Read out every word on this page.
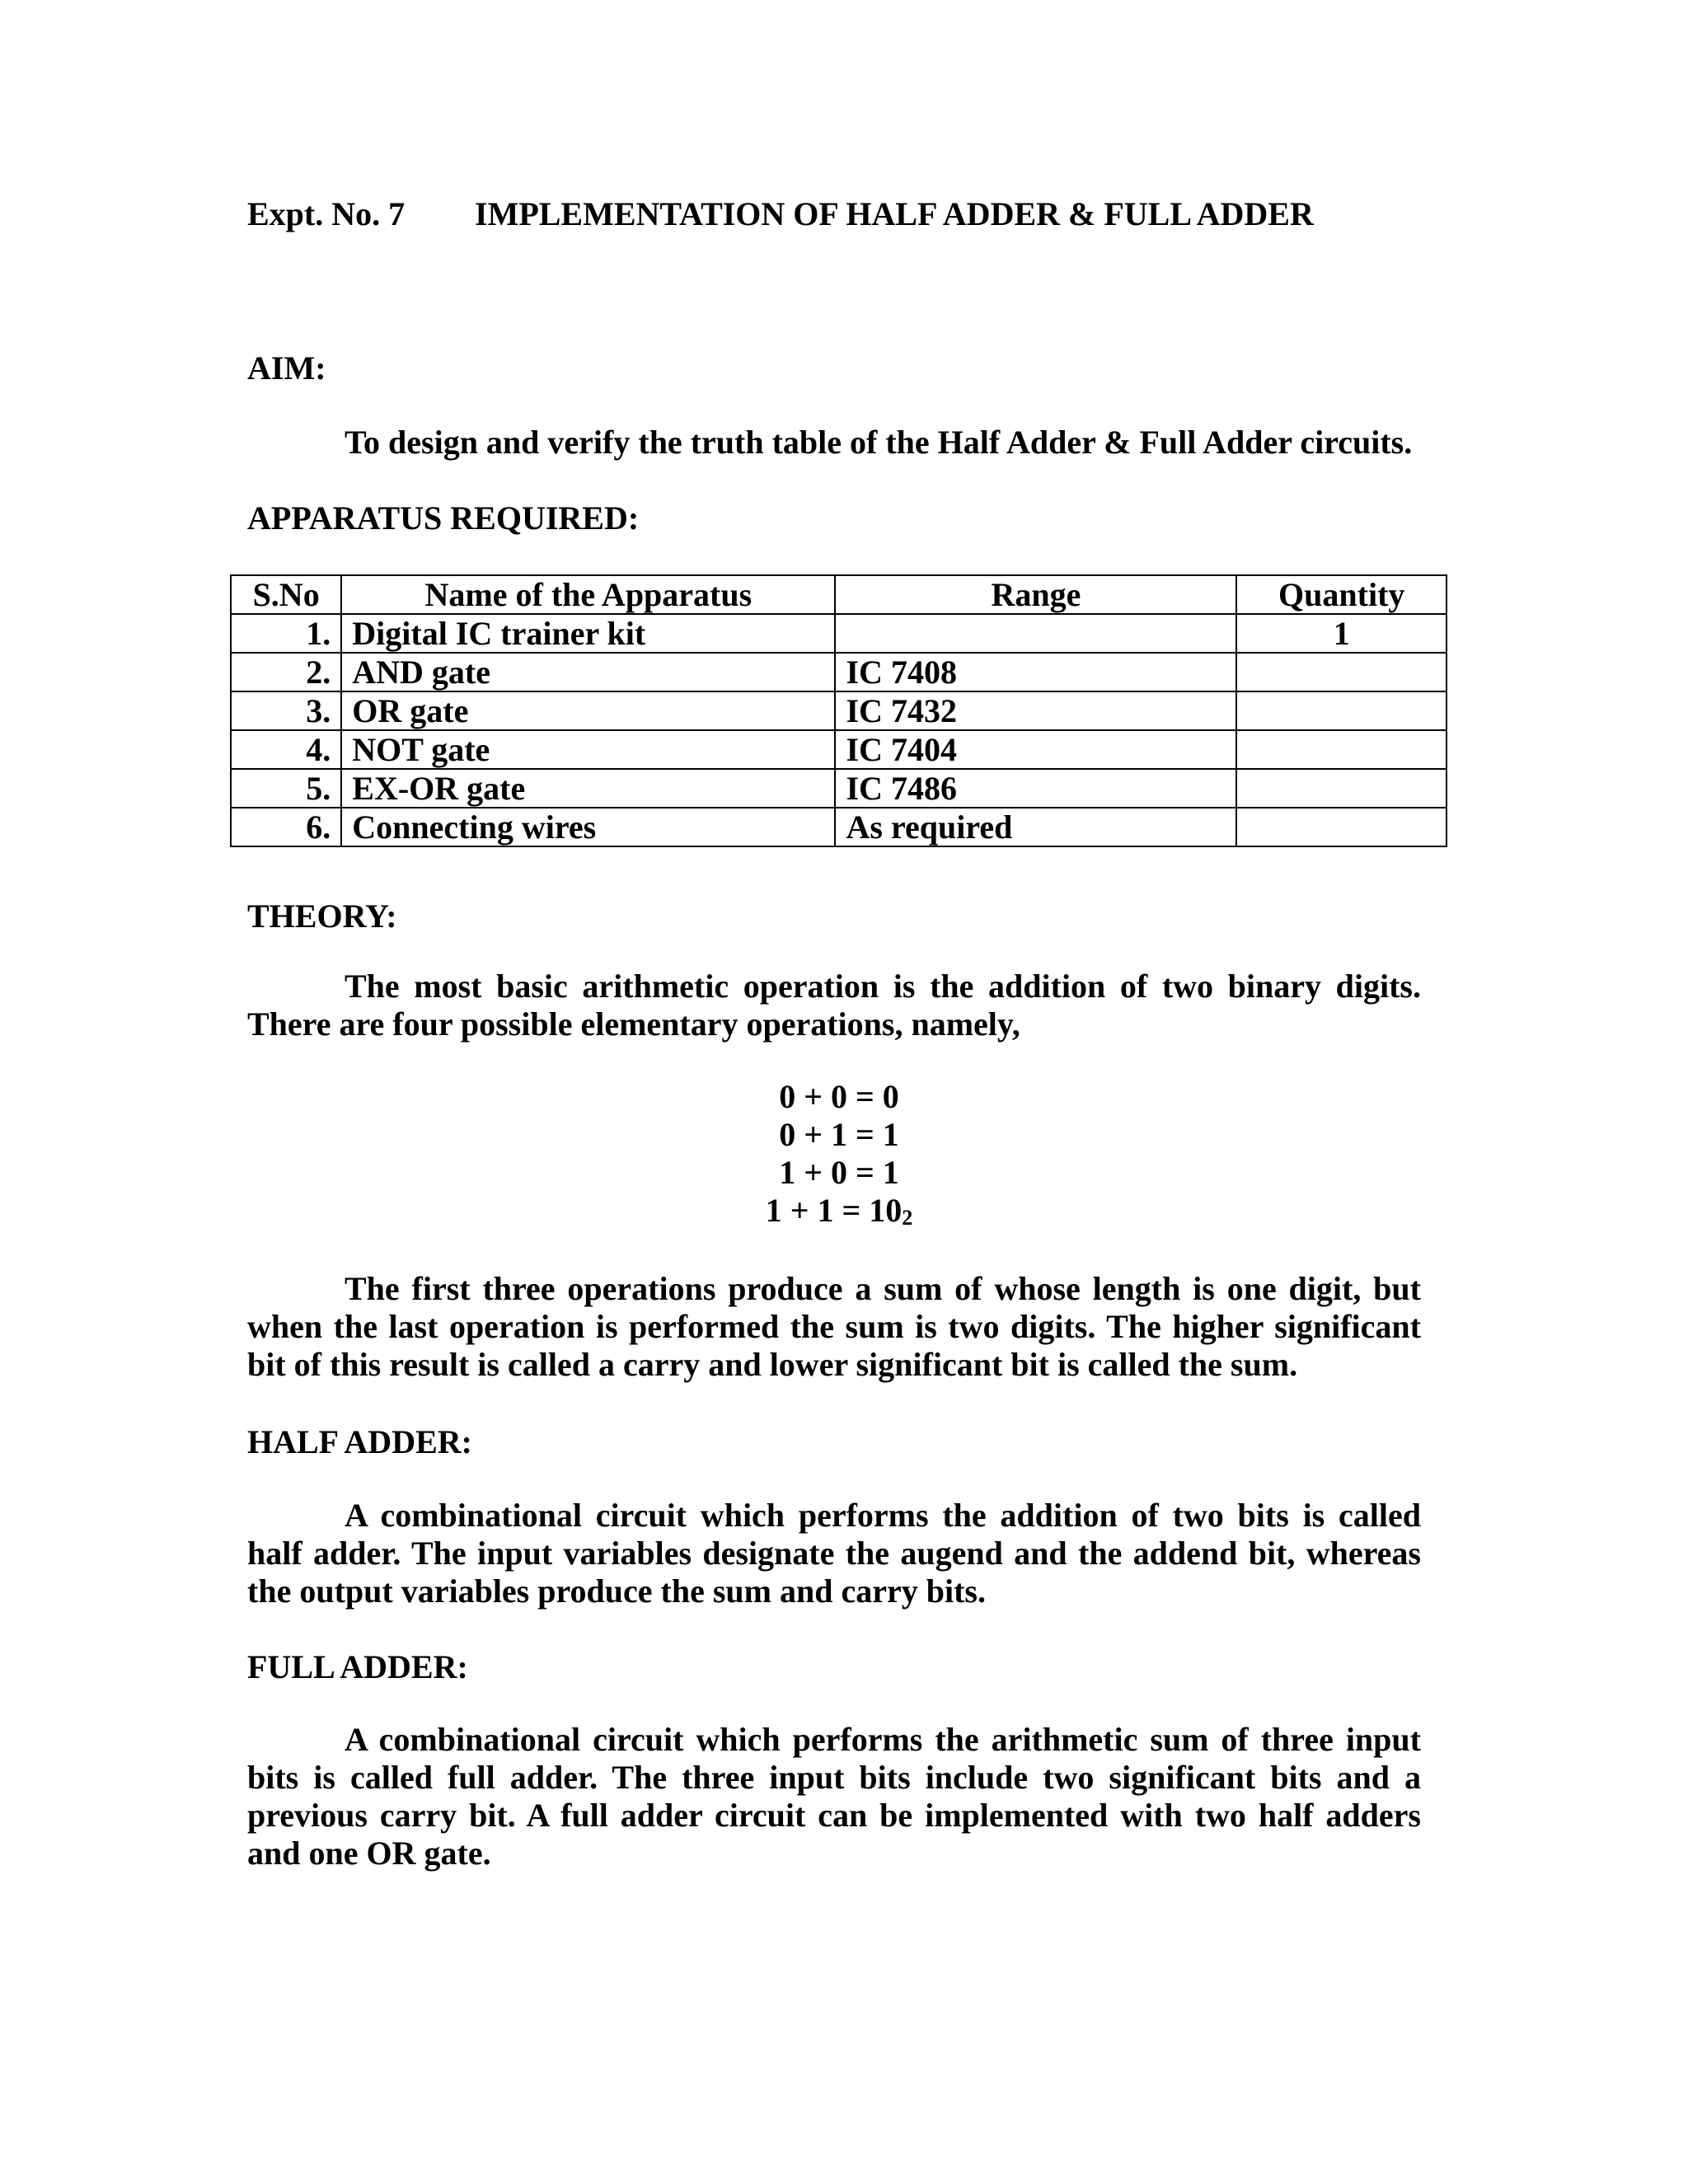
Expt. No. 7 IMPLEMENTATION OF HALF ADDER & FULL ADDER
AIM:
To design and verify the truth table of the Half Adder & Full Adder circuits.
APPARATUS REQUIRED:
S.No	Name of the Apparatus	Range	Quantity
1.	Digital IC trainer kit		1
2.	AND gate	IC 7408	
3.	OR gate	IC 7432	
4.	NOT gate	IC 7404	
5.	EX-OR gate	IC 7486	
6.	Connecting wires	As required	
THEORY:

The most basic arithmetic operation is the addition of two binary digits. There are four possible elementary operations, namely,

0 + 0 = 0
0 + 1 = 1
1 + 0 = 1
$1 + 1 = 10_2$

The first three operations produce a sum of whose length is one digit, but when the last operation is performed the sum is two digits. The higher significant bit of this result is called a carry and lower significant bit is called the sum.

HALF ADDER:

A combinational circuit which performs the addition of two bits is called half adder. The input variables designate the augend and the addend bit, whereas the output variables produce the sum and carry bits.

FULL ADDER:

A combinational circuit which performs the arithmetic sum of three input bits is called full adder. The three input bits include two significant bits and a previous carry bit. A full adder circuit can be implemented with two half adders and one OR gate.
